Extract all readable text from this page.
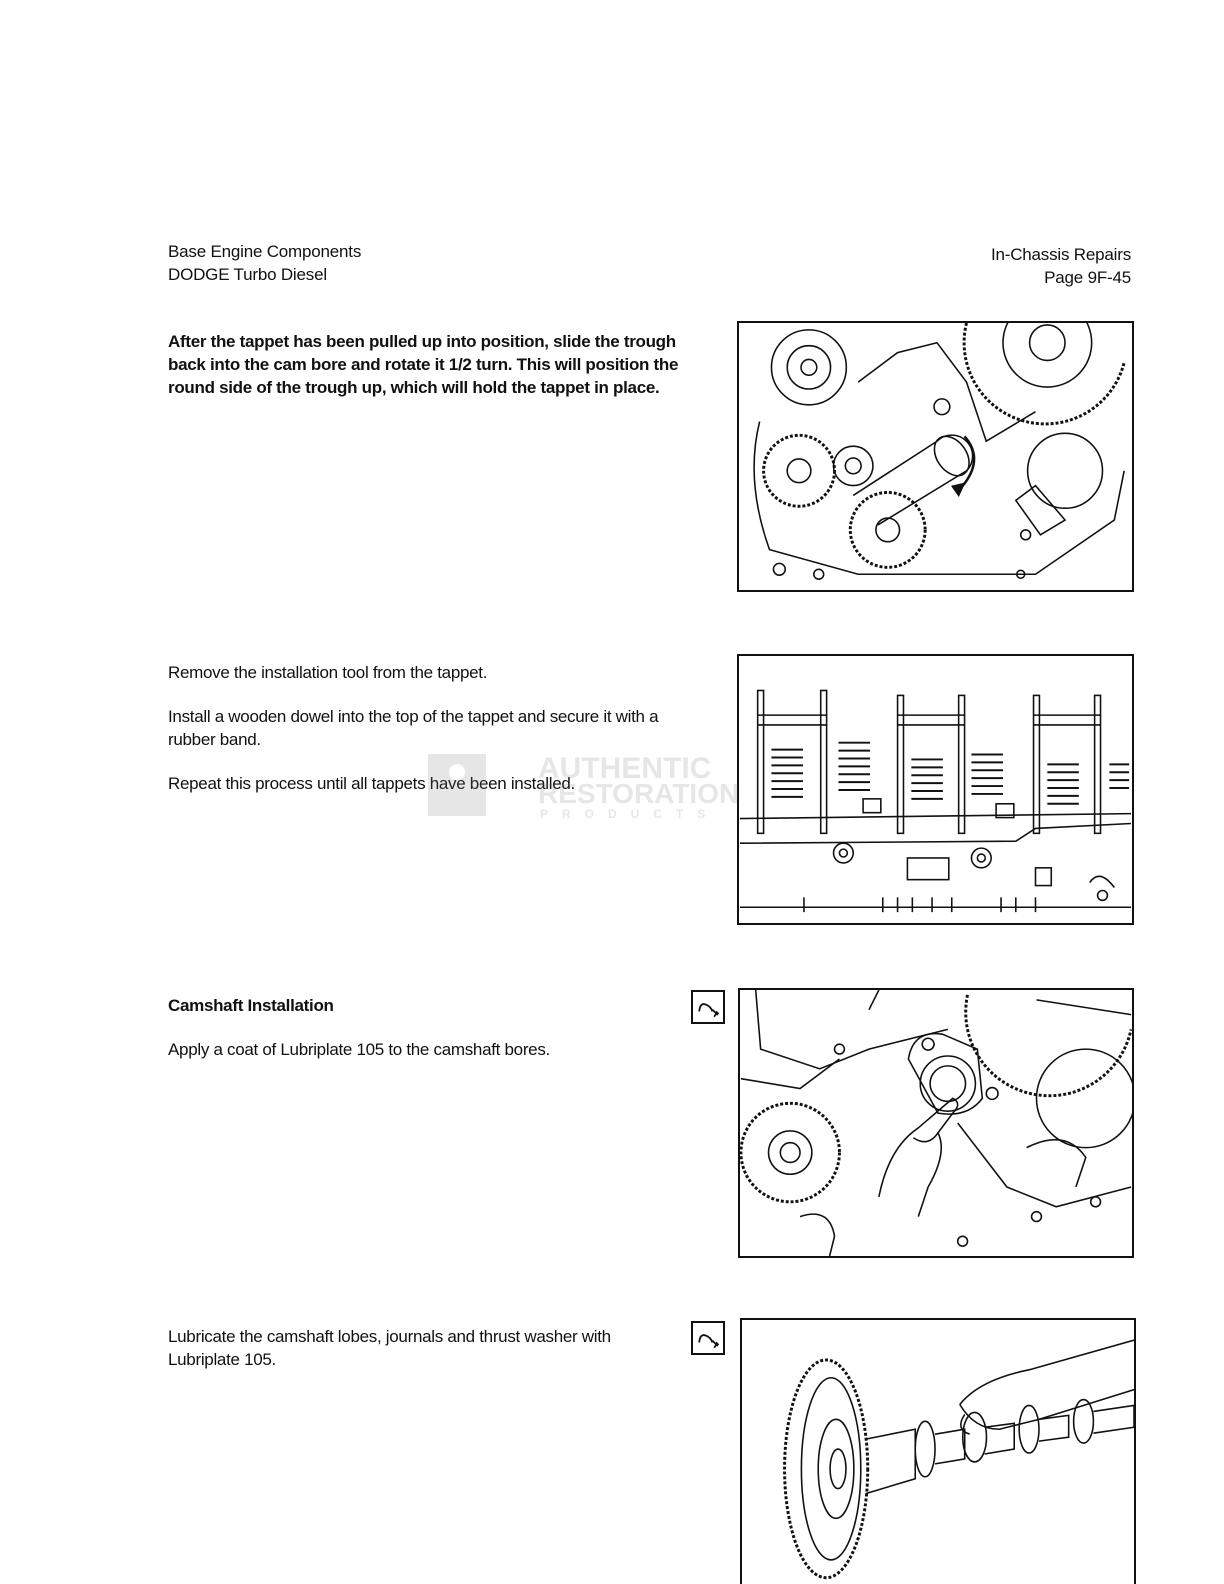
Base Engine Components
DODGE Turbo Diesel
In-Chassis Repairs
Page 9F-45

After the tappet has been pulled up into position, slide the trough back into the cam bore and rotate it 1/2 turn. This will position the round side of the trough up, which will hold the tappet in place.

Remove the installation tool from the tappet.

Install a wooden dowel into the top of the tappet and secure it with a rubber band.

Repeat this process until all tappets have been installed.

AUTHENTIC
RESTORATION
PRODUCTS
Camshaft Installation

Apply a coat of Lubriplate 105 to the camshaft bores.

Lubricate the camshaft lobes, journals and thrust washer with Lubriplate 105.
